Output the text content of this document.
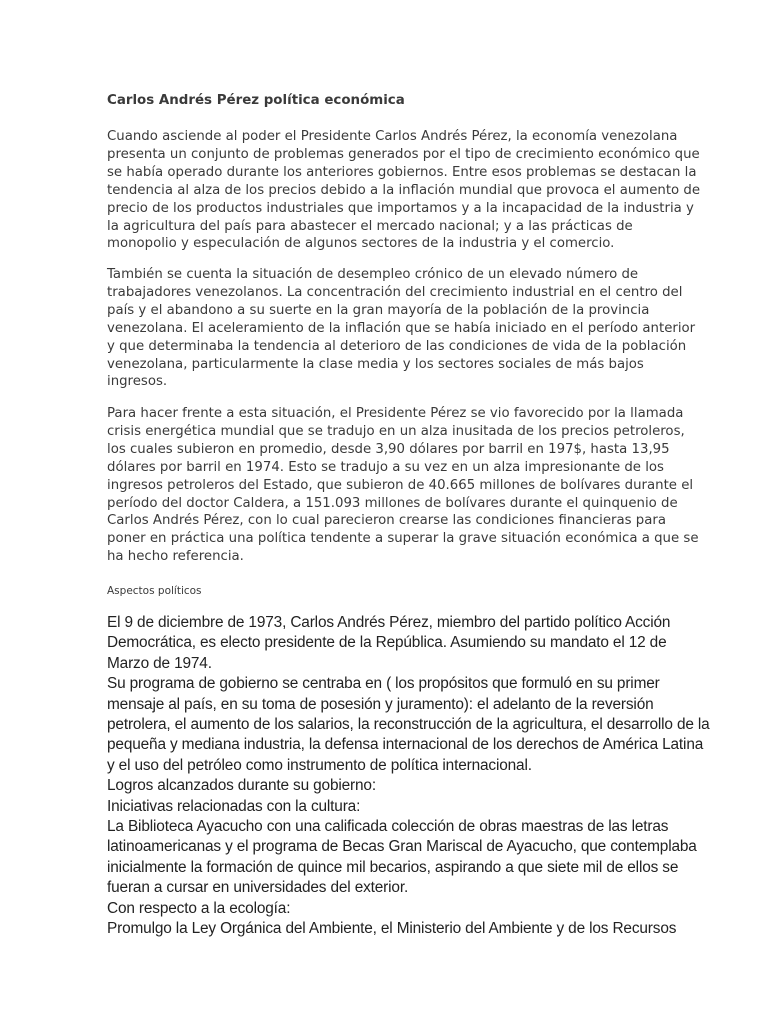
Carlos Andrés Pérez política económica

Cuando asciende al poder el Presidente Carlos Andrés Pérez, la economía venezolana
presenta un conjunto de problemas generados por el tipo de crecimiento económico que
se había operado durante los anteriores gobiernos. Entre esos problemas se destacan la
tendencia al alza de los precios debido a la inflación mundial que provoca el aumento de
precio de los productos industriales que importamos y a la incapacidad de la industria y
la agricultura del país para abastecer el mercado nacional; y a las prácticas de
monopolio y especulación de algunos sectores de la industria y el comercio.

También se cuenta la situación de desempleo crónico de un elevado número de
trabajadores venezolanos. La concentración del crecimiento industrial en el centro del
país y el abandono a su suerte en la gran mayoría de la población de la provincia
venezolana. El aceleramiento de la inflación que se había iniciado en el período anterior
y que determinaba la tendencia al deterioro de las condiciones de vida de la población
venezolana, particularmente la clase media y los sectores sociales de más bajos
ingresos.

Para hacer frente a esta situación, el Presidente Pérez se vio favorecido por la llamada
crisis energética mundial que se tradujo en un alza inusitada de los precios petroleros,
los cuales subieron en promedio, desde 3,90 dólares por barril en 197$, hasta 13,95
dólares por barril en 1974. Esto se tradujo a su vez en un alza impresionante de los
ingresos petroleros del Estado, que subieron de 40.665 millones de bolívares durante el
período del doctor Caldera, a 151.093 millones de bolívares durante el quinquenio de
Carlos Andrés Pérez, con lo cual parecieron crearse las condiciones financieras para
poner en práctica una política tendente a superar la grave situación económica a que se
ha hecho referencia.

Aspectos políticos

El 9 de diciembre de 1973, Carlos Andrés Pérez, miembro del partido político Acción
Democrática, es electo presidente de la República. Asumiendo su mandato el 12 de
Marzo de 1974.
Su programa de gobierno se centraba en ( los propósitos que formuló en su primer
mensaje al país, en su toma de posesión y juramento): el adelanto de la reversión
petrolera, el aumento de los salarios, la reconstrucción de la agricultura, el desarrollo de la
pequeña y mediana industria, la defensa internacional de los derechos de América Latina
y el uso del petróleo como instrumento de política internacional.
Logros alcanzados durante su gobierno:
Iniciativas relacionadas con la cultura:
La Biblioteca Ayacucho con una calificada colección de obras maestras de las letras
latinoamericanas y el programa de Becas Gran Mariscal de Ayacucho, que contemplaba
inicialmente la formación de quince mil becarios, aspirando a que siete mil de ellos se
fueran a cursar en universidades del exterior.
Con respecto a la ecología:
Promulgo la Ley Orgánica del Ambiente, el Ministerio del Ambiente y de los Recursos
